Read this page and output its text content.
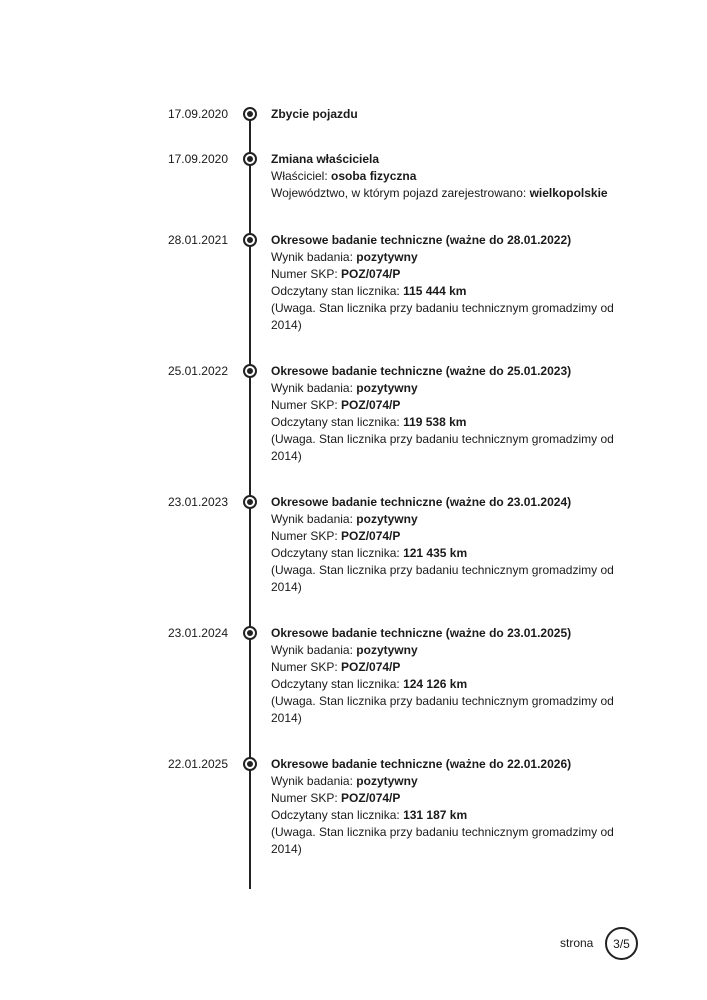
17.09.2020	Zbycie pojazdu

17.09.2020	Zmiana właściciela

Właściciel: osoba fizyczna

Województwo, w którym pojazd zarejestrowano: wielkopolskie

28.01.2021	Okresowe badanie techniczne (ważne do 28.01.2022)

Wynik badania: pozytywny

Numer SKP: POZ/074/P

Odczytany stan licznika: 115 444 km

(Uwaga. Stan licznika przy badaniu technicznym gromadzimy od

2014)

25.01.2022	Okresowe badanie techniczne (ważne do 25.01.2023)

Wynik badania: pozytywny

Numer SKP: POZ/074/P

Odczytany stan licznika: 119 538 km

(Uwaga. Stan licznika przy badaniu technicznym gromadzimy od

2014)

23.01.2023	Okresowe badanie techniczne (ważne do 23.01.2024)

Wynik badania: pozytywny

Numer SKP: POZ/074/P

Odczytany stan licznika: 121 435 km

(Uwaga. Stan licznika przy badaniu technicznym gromadzimy od

2014)

23.01.2024	Okresowe badanie techniczne (ważne do 23.01.2025)

Wynik badania: pozytywny

Numer SKP: POZ/074/P

Odczytany stan licznika: 124 126 km

(Uwaga. Stan licznika przy badaniu technicznym gromadzimy od

2014)

22.01.2025	Okresowe badanie techniczne (ważne do 22.01.2026)

Wynik badania: pozytywny

Numer SKP: POZ/074/P

Odczytany stan licznika: 131 187 km

(Uwaga. Stan licznika przy badaniu technicznym gromadzimy od

2014)

strona	3/5
